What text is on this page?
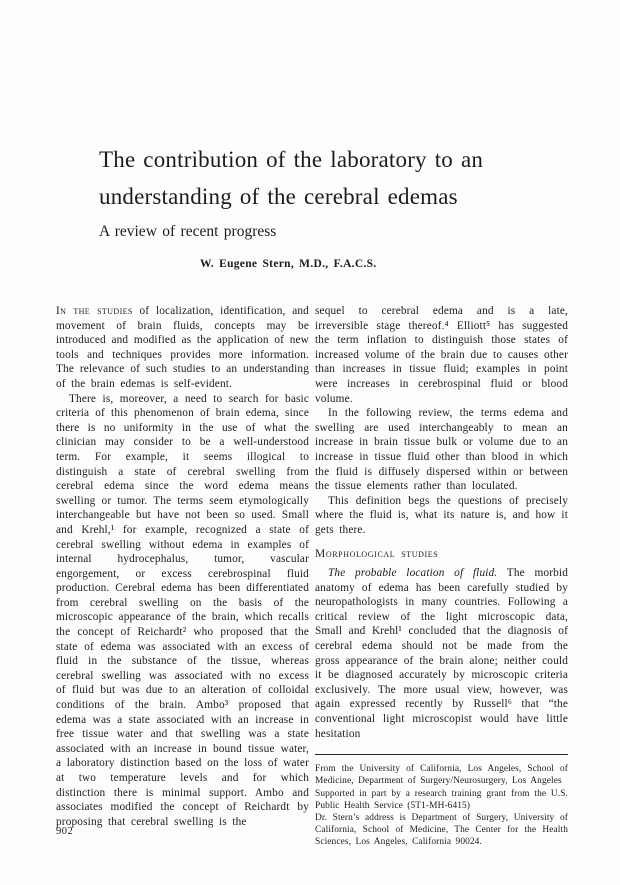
The contribution of the laboratory to an understanding of the cerebral edemas

A review of recent progress

W. Eugene Stern, M.D., F.A.C.S.

In the studies of localization, identification, and movement of brain fluids, concepts may be introduced and modified as the application of new tools and techniques provides more information. The relevance of such studies to an understanding of the brain edemas is self-evident.

There is, moreover, a need to search for basic criteria of this phenomenon of brain edema, since there is no uniformity in the use of what the clinician may consider to be a well-understood term. For example, it seems illogical to distinguish a state of cerebral swelling from cerebral edema since the word edema means swelling or tumor. The terms seem etymologically interchangeable but have not been so used. Small and Krehl,¹ for example, recognized a state of cerebral swelling without edema in examples of internal hydrocephalus, tumor, vascular engorgement, or excess cerebrospinal fluid production. Cerebral edema has been differentiated from cerebral swelling on the basis of the microscopic appearance of the brain, which recalls the concept of Reichardt² who proposed that the state of edema was associated with an excess of fluid in the substance of the tissue, whereas cerebral swelling was associated with no excess of fluid but was due to an alteration of colloidal conditions of the brain. Ambo³ proposed that edema was a state associated with an increase in free tissue water and that swelling was a state associated with an increase in bound tissue water, a laboratory distinction based on the loss of water at two temperature levels and for which distinction there is minimal support. Ambo and associates modified the concept of Reichardt by proposing that cerebral swelling is the

sequel to cerebral edema and is a late, irreversible stage thereof.⁴ Elliott⁵ has suggested the term inflation to distinguish those states of increased volume of the brain due to causes other than increases in tissue fluid; examples in point were increases in cerebrospinal fluid or blood volume.

In the following review, the terms edema and swelling are used interchangeably to mean an increase in brain tissue bulk or volume due to an increase in tissue fluid other than blood in which the fluid is diffusely dispersed within or between the tissue elements rather than loculated.

This definition begs the questions of precisely where the fluid is, what its nature is, and how it gets there.

Morphological studies

The probable location of fluid. The morbid anatomy of edema has been carefully studied by neuropathologists in many countries. Following a critical review of the light microscopic data, Small and Krehl¹ concluded that the diagnosis of cerebral edema should not be made from the gross appearance of the brain alone; neither could it be diagnosed accurately by microscopic criteria exclusively. The more usual view, however, was again expressed recently by Russell⁶ that “the conventional light microscopist would have little hesitation

From the University of California, Los Angeles, School of Medicine, Department of Surgery/Neurosurgery, Los Angeles

Supported in part by a research training grant from the U.S. Public Health Service (5T1-MH-6415)

Dr. Stern’s address is Department of Surgery, University of California, School of Medicine, The Center for the Health Sciences, Los Angeles, California 90024.

902
